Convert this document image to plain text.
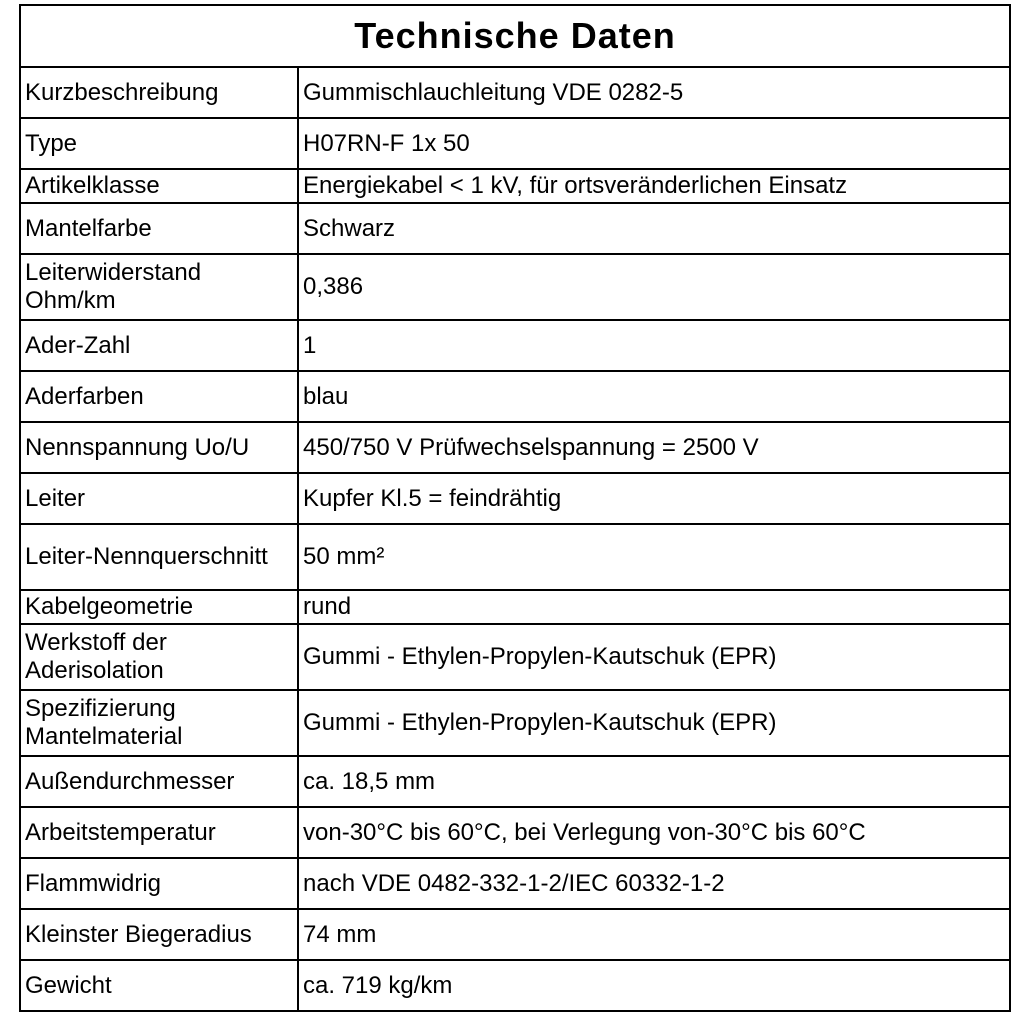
Technische Daten	
Kurzbeschreibung	Gummischlauchleitung VDE 0282-5
Type	H07RN-F 1x 50
Artikelklasse	Energiekabel < 1 kV, für ortsveränderlichen Einsatz
Mantelfarbe	Schwarz
Leiterwiderstand Ohm/km	0,386
Ader-Zahl	1
Aderfarben	blau
Nennspannung Uo/U	450/750 V Prüfwechselspannung = 2500 V
Leiter	Kupfer Kl.5 = feindrähtig
Leiter-Nennquerschnitt	50 mm²
Kabelgeometrie	rund
Werkstoff der Aderisolation	Gummi - Ethylen-Propylen-Kautschuk (EPR)
Spezifizierung Mantelmaterial	Gummi - Ethylen-Propylen-Kautschuk (EPR)
Außendurchmesser	ca. 18,5 mm
Arbeitstemperatur	von-30°C bis 60°C, bei Verlegung von-30°C bis 60°C
Flammwidrig	nach VDE 0482-332-1-2/IEC 60332-1-2
Kleinster Biegeradius	74 mm
Gewicht	ca. 719 kg/km
